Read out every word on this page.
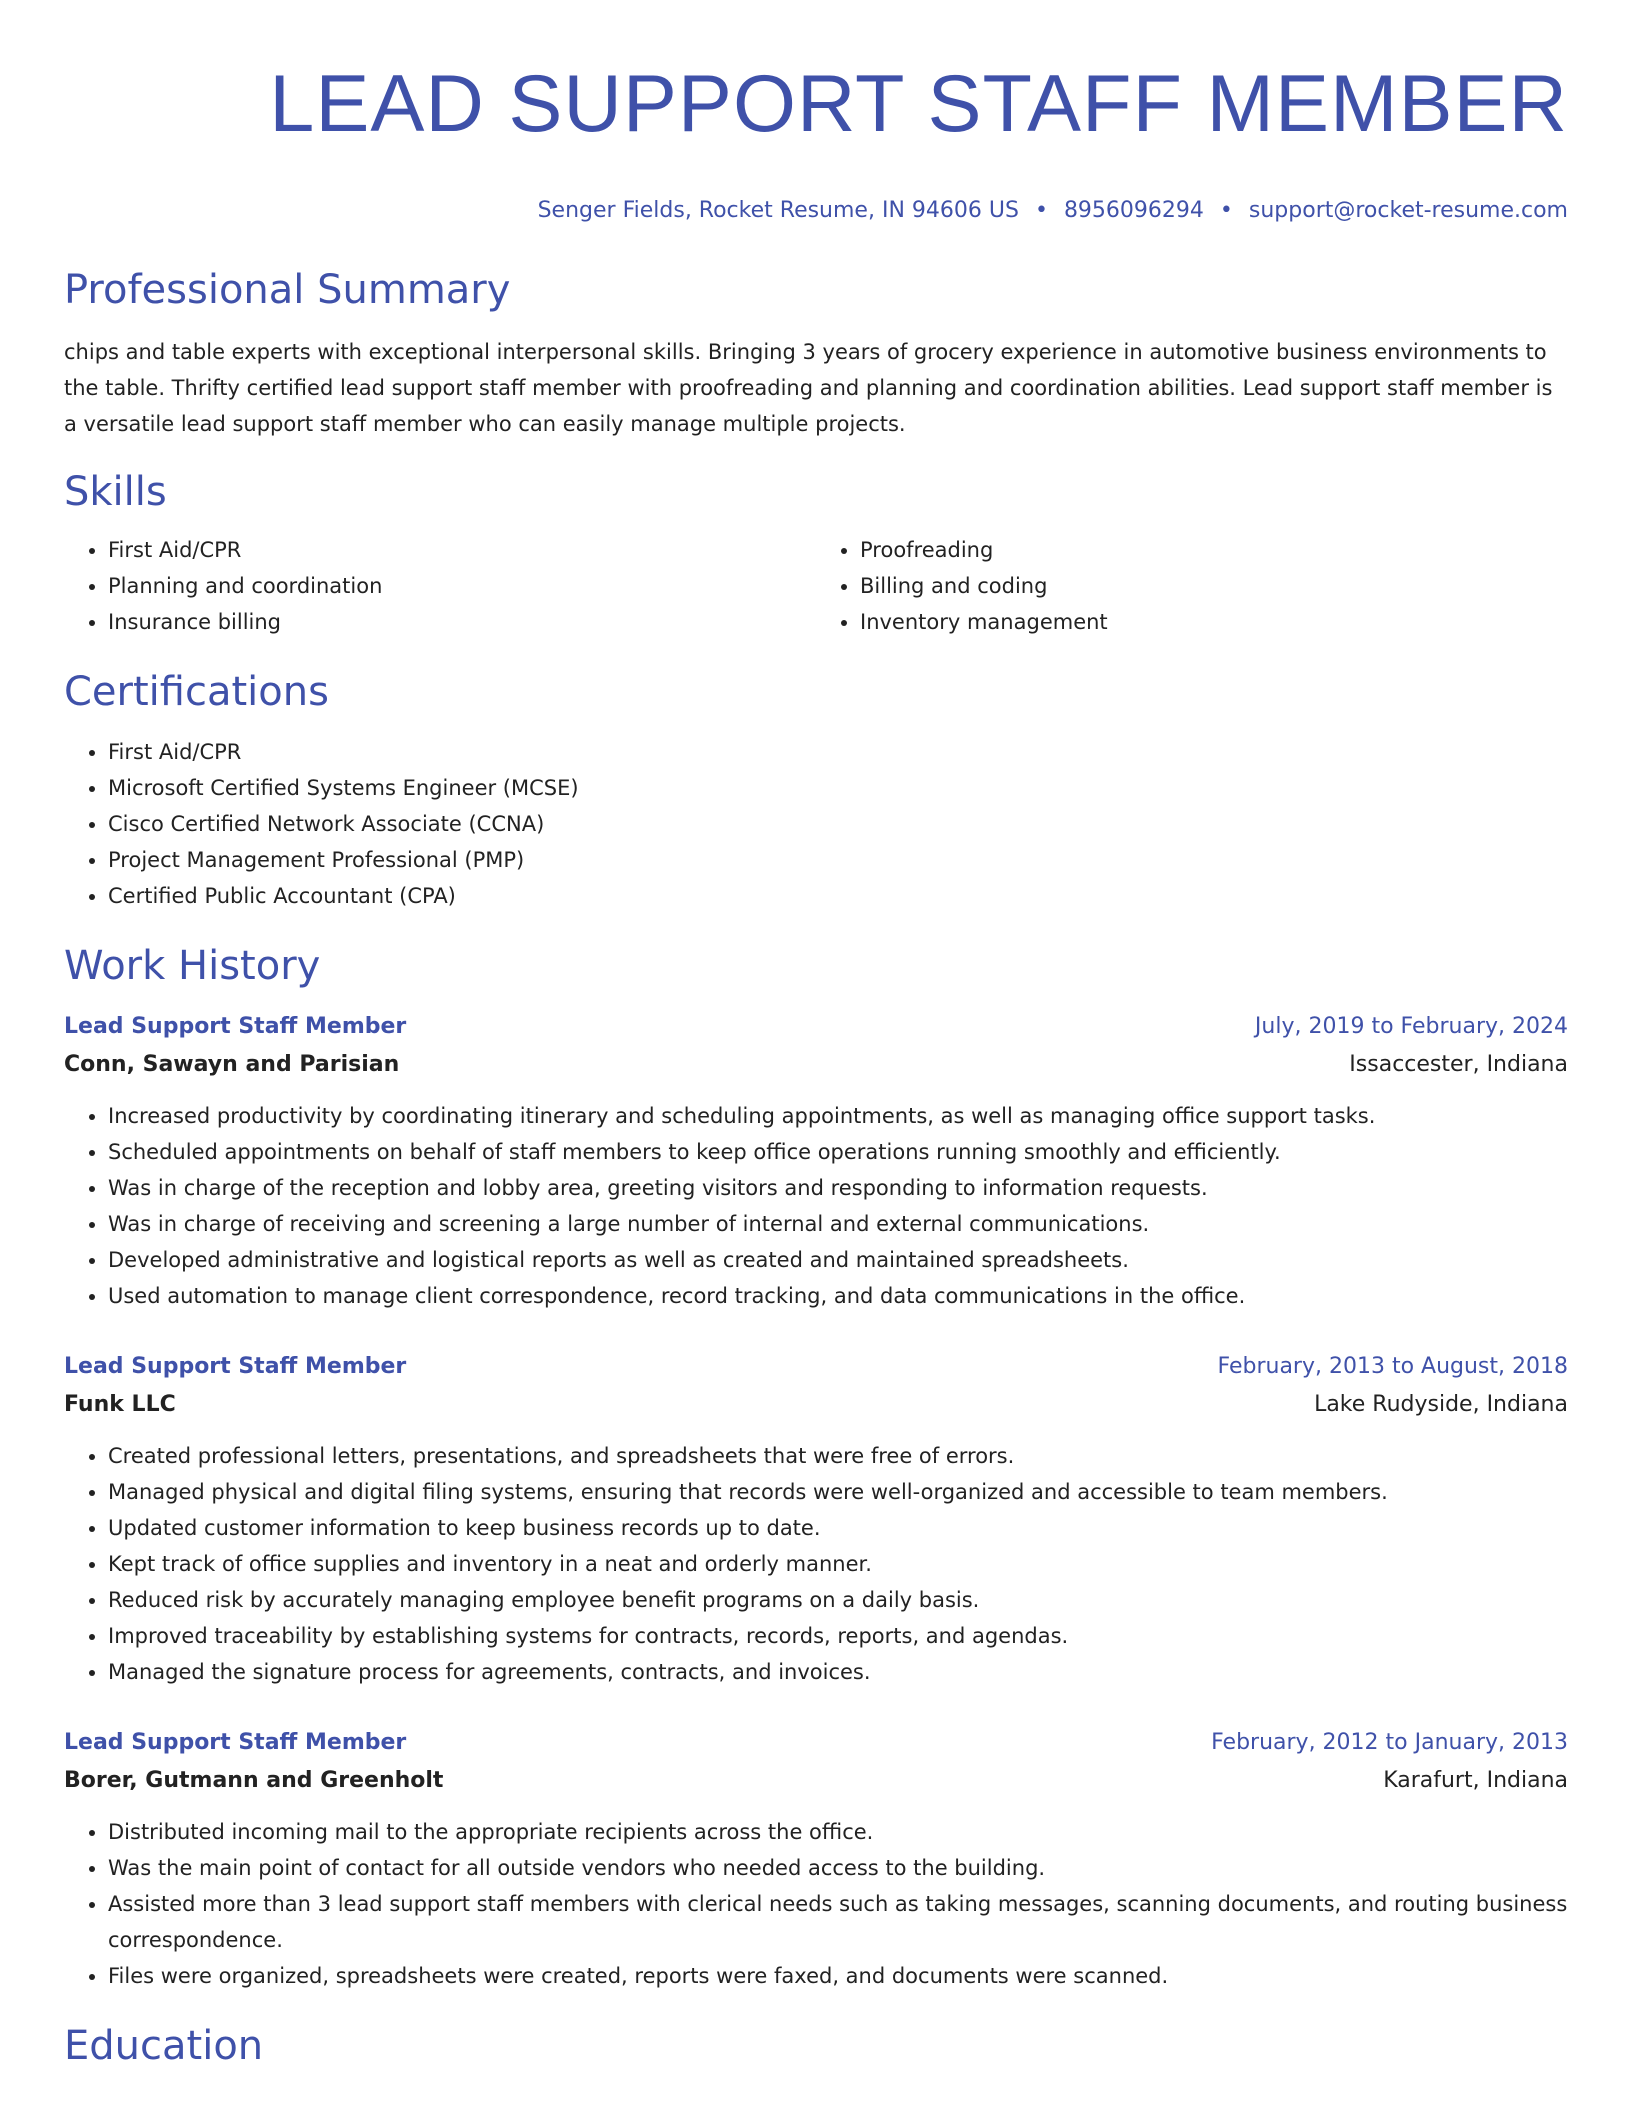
LEAD SUPPORT STAFF MEMBER
Senger Fields, Rocket Resume, IN 94606 US • 8956096294 • support@rocket-resume.com
Professional Summary

chips and table experts with exceptional interpersonal skills. Bringing 3 years of grocery experience in automotive business environments to the table. Thrifty certified lead support staff member with proofreading and planning and coordination abilities. Lead support staff member is a versatile lead support staff member who can easily manage multiple projects.

Skills
• First Aid/CPR
• Planning and coordination
• Insurance billing
• Proofreading
• Billing and coding
• Inventory management
Certifications
• First Aid/CPR
• Microsoft Certified Systems Engineer (MCSE)
• Cisco Certified Network Associate (CCNA)
• Project Management Professional (PMP)
• Certified Public Accountant (CPA)
Work History
Lead Support Staff Member	July, 2019 to February, 2024
Conn, Sawayn and Parisian	Issaccester, Indiana
• Increased productivity by coordinating itinerary and scheduling appointments, as well as managing office support tasks.
• Scheduled appointments on behalf of staff members to keep office operations running smoothly and efficiently.
• Was in charge of the reception and lobby area, greeting visitors and responding to information requests.
• Was in charge of receiving and screening a large number of internal and external communications.
• Developed administrative and logistical reports as well as created and maintained spreadsheets.
• Used automation to manage client correspondence, record tracking, and data communications in the office.
Lead Support Staff Member	February, 2013 to August, 2018
Funk LLC	Lake Rudyside, Indiana
• Created professional letters, presentations, and spreadsheets that were free of errors.
• Managed physical and digital filing systems, ensuring that records were well-organized and accessible to team members.
• Updated customer information to keep business records up to date.
• Kept track of office supplies and inventory in a neat and orderly manner.
• Reduced risk by accurately managing employee benefit programs on a daily basis.
• Improved traceability by establishing systems for contracts, records, reports, and agendas.
• Managed the signature process for agreements, contracts, and invoices.
Lead Support Staff Member	February, 2012 to January, 2013
Borer, Gutmann and Greenholt	Karafurt, Indiana
• Distributed incoming mail to the appropriate recipients across the office.
• Was the main point of contact for all outside vendors who needed access to the building.
• Assisted more than 3 lead support staff members with clerical needs such as taking messages, scanning documents, and routing business correspondence.
• Files were organized, spreadsheets were created, reports were faxed, and documents were scanned.
Education
